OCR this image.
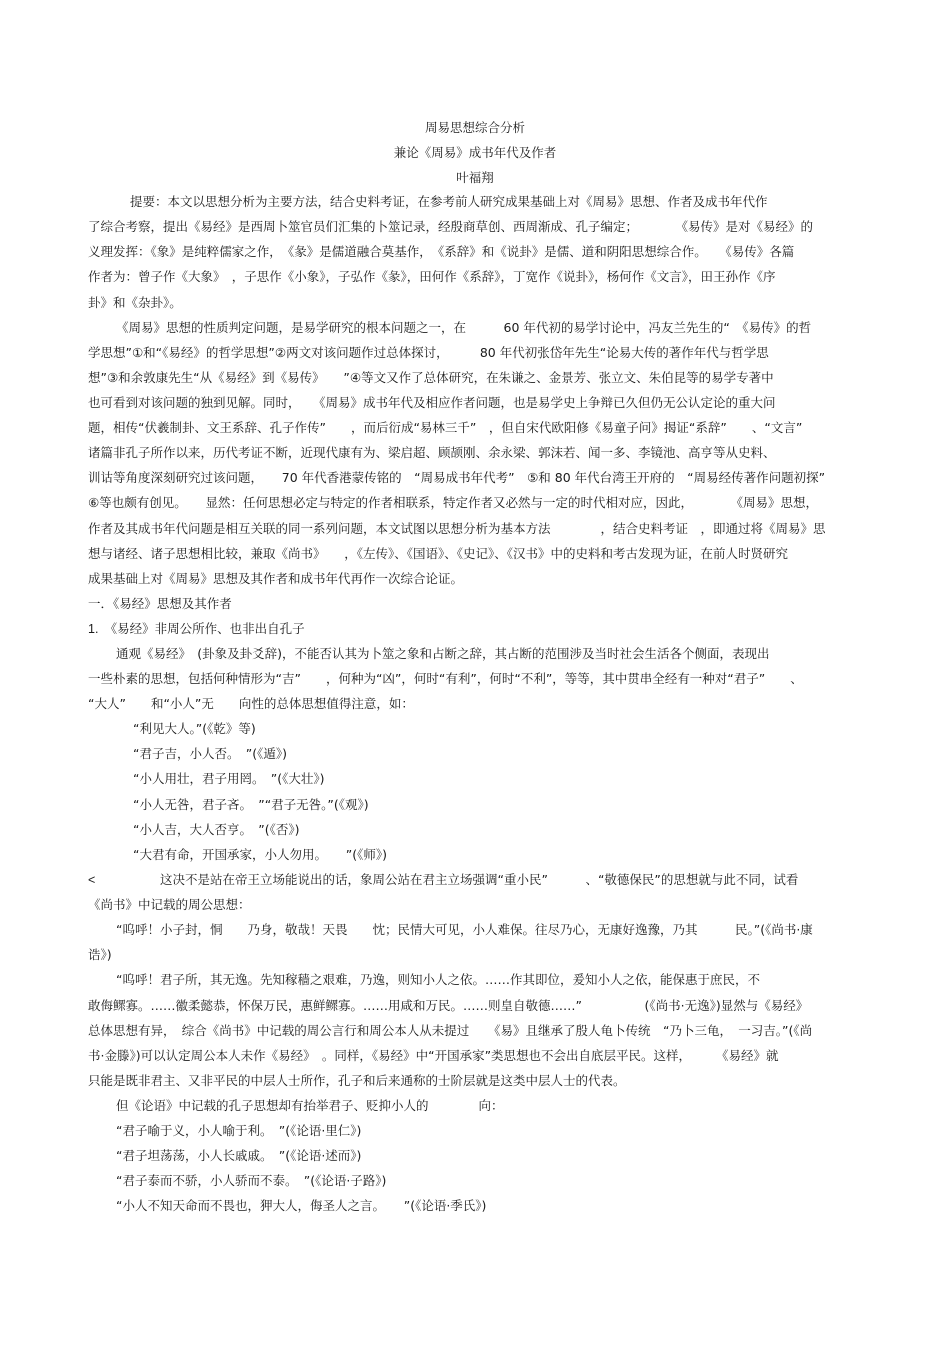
周易思想综合分析
兼论《周易》成书年代及作者
叶福翔
提要：本文以思想分析为主要方法，结合史料考证，在参考前人研究成果基础上对《周易》思想、作者及成书年代作
了综合考察，提出《易经》是西周卜筮官员们汇集的卜筮记录，经殷商草创、西周渐成、孔子编定；　　　　《易传》是对《易经》的
义理发挥：《象》是纯粹儒家之作，　《彖》是儒道融合莫基作，　《系辞》和《说卦》是儒、道和阴阳思想综合作。　　《易传》各篇
作者为：曾子作《大象》　，子思作《小象》，子弘作《彖》，田何作《系辞》，丁宽作《说卦》，杨何作《文言》，田王孙作《序
卦》和《杂卦》。
《周易》思想的性质判定问题，是易学研究的根本问题之一，在　　　60 年代初的易学讨论中，冯友兰先生的“　《易传》的哲
学思想”①和“《易经》的哲学思想”②两文对该问题作过总体探讨，　　　80 年代初张岱年先生“论易大传的著作年代与哲学思
想”③和余敦康先生“从《易经》到《易传》　　”④等文又作了总体研究，在朱谦之、金景芳、张立文、朱伯昆等的易学专著中
也可看到对该问题的独到见解。同时，　　《周易》成书年代及相应作者问题，也是易学史上争辩已久但仍无公认定论的重大问
题，相传“伏羲制卦、文王系辞、孔子作传”　　，而后衍成“易林三千”　，但自宋代欧阳修《易童子问》揭证“系辞”　　、“文言”
诸篇非孔子所作以来，历代考证不断，近现代康有为、梁启超、顾颉刚、余永梁、郭沫若、闻一多、李镜池、高亨等从史料、
训诂等角度深刻研究过该问题，　　70 年代香港蒙传铭的　“周易成书年代考”　⑤和 80 年代台湾王开府的　“周易经传著作问题初探”
⑥等也颇有创见。　　显然：任何思想必定与特定的作者相联系，特定作者又必然与一定的时代相对应，因此，　　　　《周易》思想，
作者及其成书年代问题是相互关联的同一系列问题，本文试图以思想分析为基本方法　　　　，结合史料考证　，即通过将《周易》思
想与诸经、诸子思想相比较，兼取《尚书》　　，《左传》、《国语》、《史记》、《汉书》中的史料和考古发现为证，在前人时贤研究
成果基础上对《周易》思想及其作者和成书年代再作一次综合论证。
一．《易经》思想及其作者
1.　《易经》非周公所作、也非出自孔子
通观《易经》　(卦象及卦爻辞)，不能否认其为卜筮之象和占断之辞，其占断的范围涉及当时社会生活各个侧面，表现出
一些朴素的思想，包括何种情形为“吉”　　，何种为“凶”，何时“有利”，何时“不利”，等等，其中贯串全经有一种对“君子”　　、
“大人”　　和“小人”无　　向性的总体思想值得注意，如：
“利见大人。”(《乾》等)
“君子吉，小人否。　”(《遁》)
“小人用壮，君子用罔。　”(《大壮》)
“小人无咎，君子吝。　”“君子无咎。”(《观》)
“小人吉，大人否亨。　”(《否》)
“大君有命，开国承家，小人勿用。　　”(《师》)
<	这决不是站在帝王立场能说出的话，象周公站在君主立场强调“重小民”　　　、“敬德保民”的思想就与此不同，试看
《尚书》中记载的周公思想：
“呜呼！小子封，恫　　乃身，敬哉！天畏　　忱；民情大可见，小人难保。往尽乃心，无康好逸豫，乃其　　　民。”(《尚书·康
诰》)
“呜呼！君子所，其无逸。先知稼穑之艰难，乃逸，则知小人之依。……作其即位，爰知小人之依，能保惠于庶民，不
敢侮鳏寡。……徽柔懿恭，怀保万民，惠鲜鳏寡。……用咸和万民。……则皇自敬德……”　　　　　(《尚书·无逸》)显然与《易经》
总体思想有异，　综合《尚书》中记载的周公言行和周公本人从未提过　　《易》且继承了殷人龟卜传统　“乃卜三龟，　一习吉。”(《尚
书·金滕》)可以认定周公本人未作《易经》　。同样，《易经》中“开国承家”类思想也不会出自底层平民。这样，　　　《易经》就
只能是既非君主、又非平民的中层人士所作，孔子和后来通称的士阶层就是这类中层人士的代表。
但《论语》中记载的孔子思想却有抬举君子、贬抑小人的　　　　向：
“君子喻于义，小人喻于利。　”(《论语·里仁》)
“君子坦荡荡，小人长戚戚。　”(《论语·述而》)
“君子泰而不骄，小人骄而不泰。　”(《论语·子路》)
“小人不知天命而不畏也，狎大人，侮圣人之言。　　”(《论语·季氏》)
